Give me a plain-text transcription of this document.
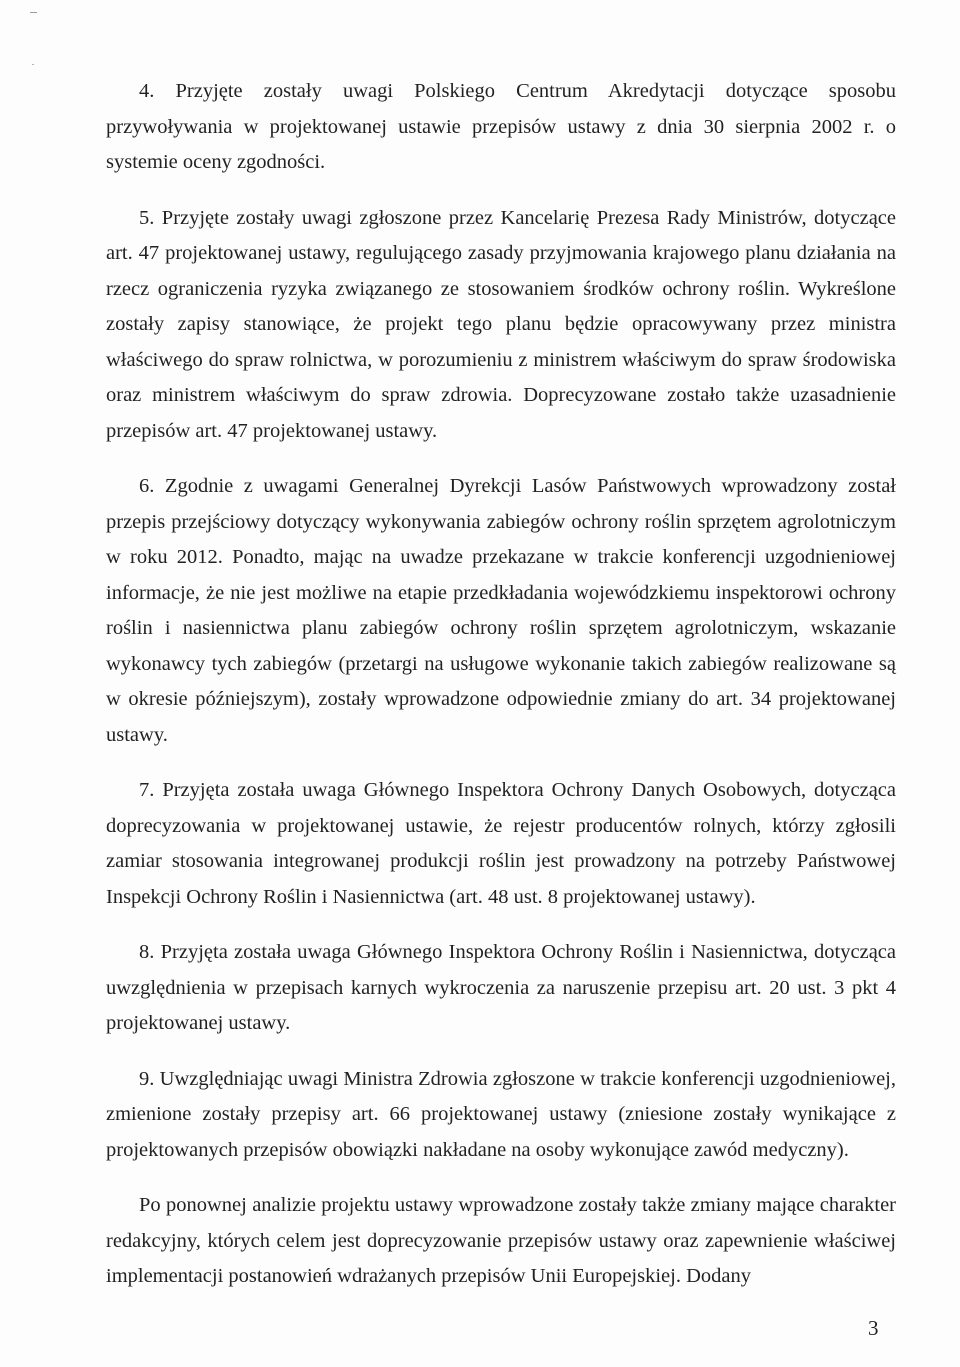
4. Przyjęte zostały uwagi Polskiego Centrum Akredytacji dotyczące sposobu przywoływania w projektowanej ustawie przepisów ustawy z dnia 30 sierpnia 2002 r. o systemie oceny zgodności.

5. Przyjęte zostały uwagi zgłoszone przez Kancelarię Prezesa Rady Ministrów, dotyczące art. 47 projektowanej ustawy, regulującego zasady przyjmowania krajowego planu działania na rzecz ograniczenia ryzyka związanego ze stosowaniem środków ochrony roślin. Wykreślone zostały zapisy stanowiące, że projekt tego planu będzie opracowywany przez ministra właściwego do spraw rolnictwa, w porozumieniu z ministrem właściwym do spraw środowiska oraz ministrem właściwym do spraw zdrowia. Doprecyzowane zostało także uzasadnienie przepisów art. 47 projektowanej ustawy.

6. Zgodnie z uwagami Generalnej Dyrekcji Lasów Państwowych wprowadzony został przepis przejściowy dotyczący wykonywania zabiegów ochrony roślin sprzętem agrolotniczym w roku 2012. Ponadto, mając na uwadze przekazane w trakcie konferencji uzgodnieniowej informacje, że nie jest możliwe na etapie przedkładania wojewódzkiemu inspektorowi ochrony roślin i nasiennictwa planu zabiegów ochrony roślin sprzętem agrolotniczym, wskazanie wykonawcy tych zabiegów (przetargi na usługowe wykonanie takich zabiegów realizowane są w okresie późniejszym), zostały wprowadzone odpowiednie zmiany do art. 34 projektowanej ustawy.

7. Przyjęta została uwaga Głównego Inspektora Ochrony Danych Osobowych, dotycząca doprecyzowania w projektowanej ustawie, że rejestr producentów rolnych, którzy zgłosili zamiar stosowania integrowanej produkcji roślin jest prowadzony na potrzeby Państwowej Inspekcji Ochrony Roślin i Nasiennictwa (art. 48 ust. 8 projektowanej ustawy).

8. Przyjęta została uwaga Głównego Inspektora Ochrony Roślin i Nasiennictwa, dotycząca uwzględnienia w przepisach karnych wykroczenia za naruszenie przepisu art. 20 ust. 3 pkt 4 projektowanej ustawy.

9. Uwzględniając uwagi Ministra Zdrowia zgłoszone w trakcie konferencji uzgodnieniowej, zmienione zostały przepisy art. 66 projektowanej ustawy (zniesione zostały wynikające z projektowanych przepisów obowiązki nakładane na osoby wykonujące zawód medyczny).

Po ponownej analizie projektu ustawy wprowadzone zostały także zmiany mające charakter redakcyjny, których celem jest doprecyzowanie przepisów ustawy oraz zapewnienie właściwej implementacji postanowień wdrażanych przepisów Unii Europejskiej. Dodany

3
